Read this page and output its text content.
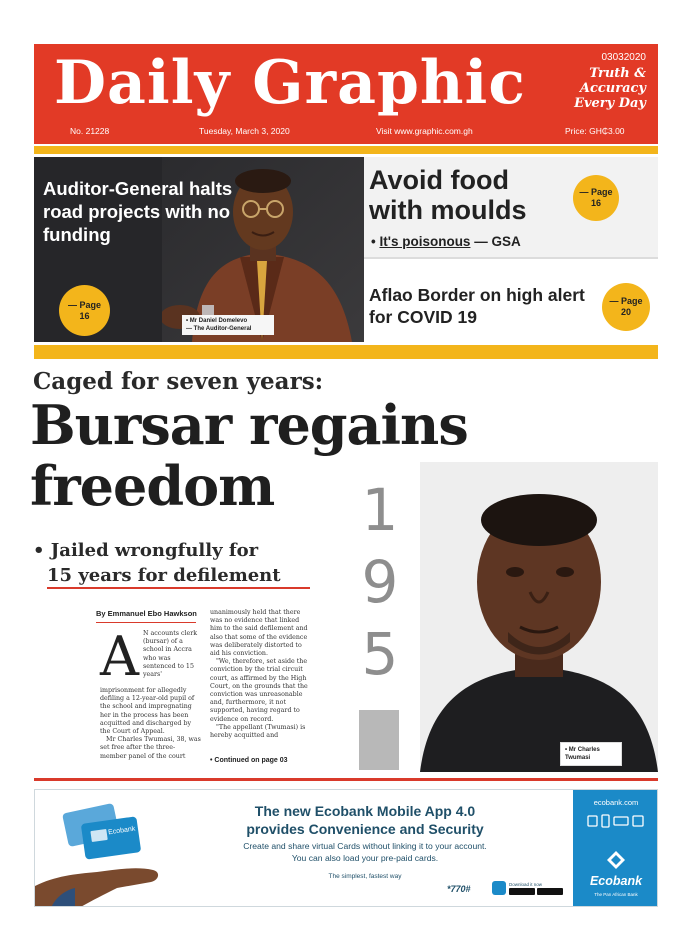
Daily Graphic	03032020
Truth & Accuracy Every Day
No. 21228	Tuesday, March 3, 2020	Visit www.graphic.com.gh	Price: GH₵3.00
Auditor-General halts road projects with no funding
— Page
16
• Mr Daniel Domelevo
— The Auditor-General
Avoid food with moulds
• It's poisonous — GSA
— Page
16
Aflao Border on high alert for COVID 19
— Page
20
Caged for seven years:
Bursar regains
freedom
• Jailed wrongfully for
15 years for defilement
1
9
5
• Mr Charles
Twumasi
By Emmanuel Ebo Hawkson
A N accounts clerk (bursar) of a school in Accra who was sentenced to 15 years'

imprisonment for allegedly defiling a 12-year-old pupil of the school and impregnating her in the process has been acquitted and discharged by the Court of Appeal.

Mr Charles Twumasi, 38, was set free after the three-member panel of the court

unanimously held that there was no evidence that linked him to the said defilement and also that some of the evidence was deliberately distorted to aid his conviction.

"We, therefore, set aside the conviction by the trial circuit court, as affirmed by the High Court, on the grounds that the conviction was unreasonable and, furthermore, it not supported, having regard to evidence on record.

"The appellant (Twumasi) is hereby acquitted and

• Continued on page 03
Ecobank
The new Ecobank Mobile App 4.0
provides Convenience and Security
Create and share virtual Cards without linking it to your account.
You can also load your pre-paid cards.
The simplest, fastest way
*770#	Download it now
ecobank.com
Ecobank
The Pan African Bank
